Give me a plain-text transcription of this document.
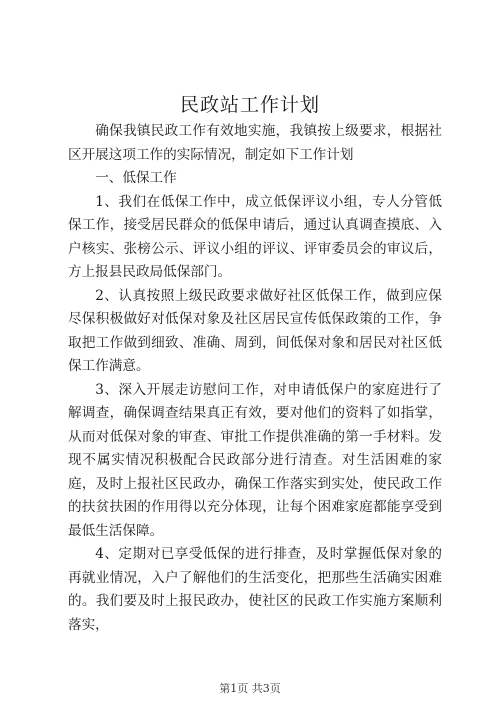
民政站工作计划

确保我镇民政工作有效地实施，我镇按上级要求，根据社区开展这项工作的实际情况，制定如下工作计划

一、低保工作

1、我们在低保工作中，成立低保评议小组，专人分管低保工作，接受居民群众的低保申请后，通过认真调查摸底、入户核实、张榜公示、评议小组的评议、评审委员会的审议后，方上报县民政局低保部门。

2、认真按照上级民政要求做好社区低保工作，做到应保尽保积极做好对低保对象及社区居民宣传低保政策的工作，争取把工作做到细致、准确、周到，间低保对象和居民对社区低保工作满意。

3、深入开展走访慰问工作，对申请低保户的家庭进行了解调查，确保调查结果真正有效，要对他们的资料了如指掌，从而对低保对象的审查、审批工作提供准确的第一手材料。发现不属实情况积极配合民政部分进行清查。对生活困难的家庭，及时上报社区民政办，确保工作落实到实处，使民政工作的扶贫扶困的作用得以充分体现，让每个困难家庭都能享受到最低生活保障。

4、定期对已享受低保的进行排查，及时掌握低保对象的再就业情况，入户了解他们的生活变化，把那些生活确实困难的。我们要及时上报民政办，使社区的民政工作实施方案顺利落实，

第1页 共3页
